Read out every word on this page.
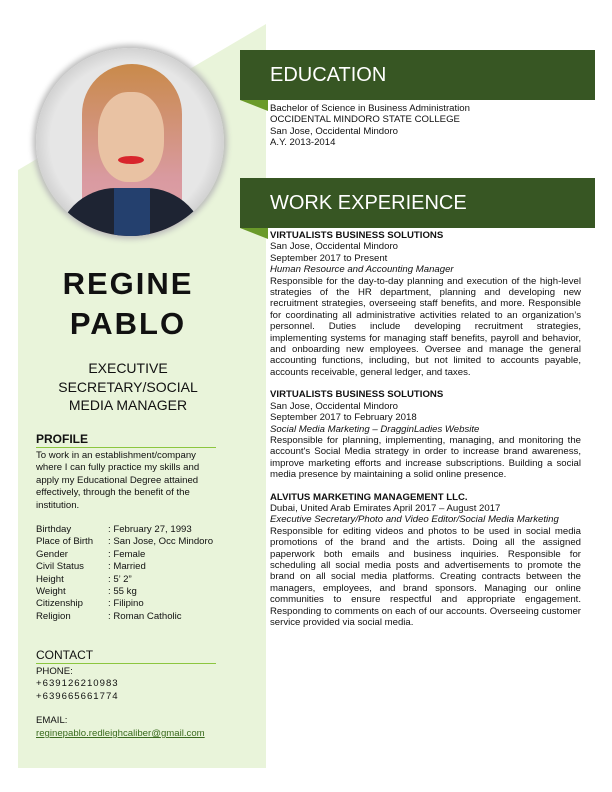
REGINE
PABLO
EXECUTIVE
SECRETARY/SOCIAL
MEDIA MANAGER
PROFILE
To work in an establishment/company where I can fully practice my skills and apply my Educational Degree attained effectively, through the benefit of the institution.
Birthday	: February 27, 1993
Place of Birth	: San Jose, Occ Mindoro
Gender	: Female
Civil Status	: Married
Height	: 5’ 2”
Weight	: 55 kg
Citizenship	: Filipino
Religion	: Roman Catholic
CONTACT
PHONE:
+639126210983
+639665661774
EMAIL:
reginepablo.redleighcaliber@gmail.com
EDUCATION
Bachelor of Science in Business Administration
OCCIDENTAL MINDORO STATE COLLEGE
San Jose, Occidental Mindoro
A.Y. 2013-2014
WORK EXPERIENCE
VIRTUALISTS BUSINESS SOLUTIONS
San Jose, Occidental Mindoro
September 2017 to Present
Human Resource and Accounting Manager
Responsible for the day-to-day planning and execution of the high-level strategies of the HR department, planning and developing new recruitment strategies, overseeing staff benefits, and more. Responsible for coordinating all administrative activities related to an organization’s personnel. Duties include developing recruitment strategies, implementing systems for managing staff benefits, payroll and behavior, and onboarding new employees. Oversee and manage the general accounting functions, including, but not limited to accounts payable, accounts receivable, general ledger, and taxes.
VIRTUALISTS BUSINESS SOLUTIONS
San Jose, Occidental Mindoro
September 2017 to February 2018
Social Media Marketing – DragginLadies Website
Responsible for planning, implementing, managing, and monitoring the account's Social Media strategy in order to increase brand awareness, improve marketing efforts and increase subscriptions. Building a social media presence by maintaining a solid online presence.
ALVITUS MARKETING MANAGEMENT LLC.
Dubai, United Arab Emirates April 2017 – August 2017
Executive Secretary/Photo and Video Editor/Social Media Marketing
Responsible for editing videos and photos to be used in social media promotions of the brand and the artists. Doing all the assigned paperwork both emails and business inquiries. Responsible for scheduling all social media posts and advertisements to promote the brand on all social media platforms. Creating contracts between the managers, employees, and brand sponsors. Managing our online communities to ensure respectful and appropriate engagement. Responding to comments on each of our accounts. Overseeing customer service provided via social media.
